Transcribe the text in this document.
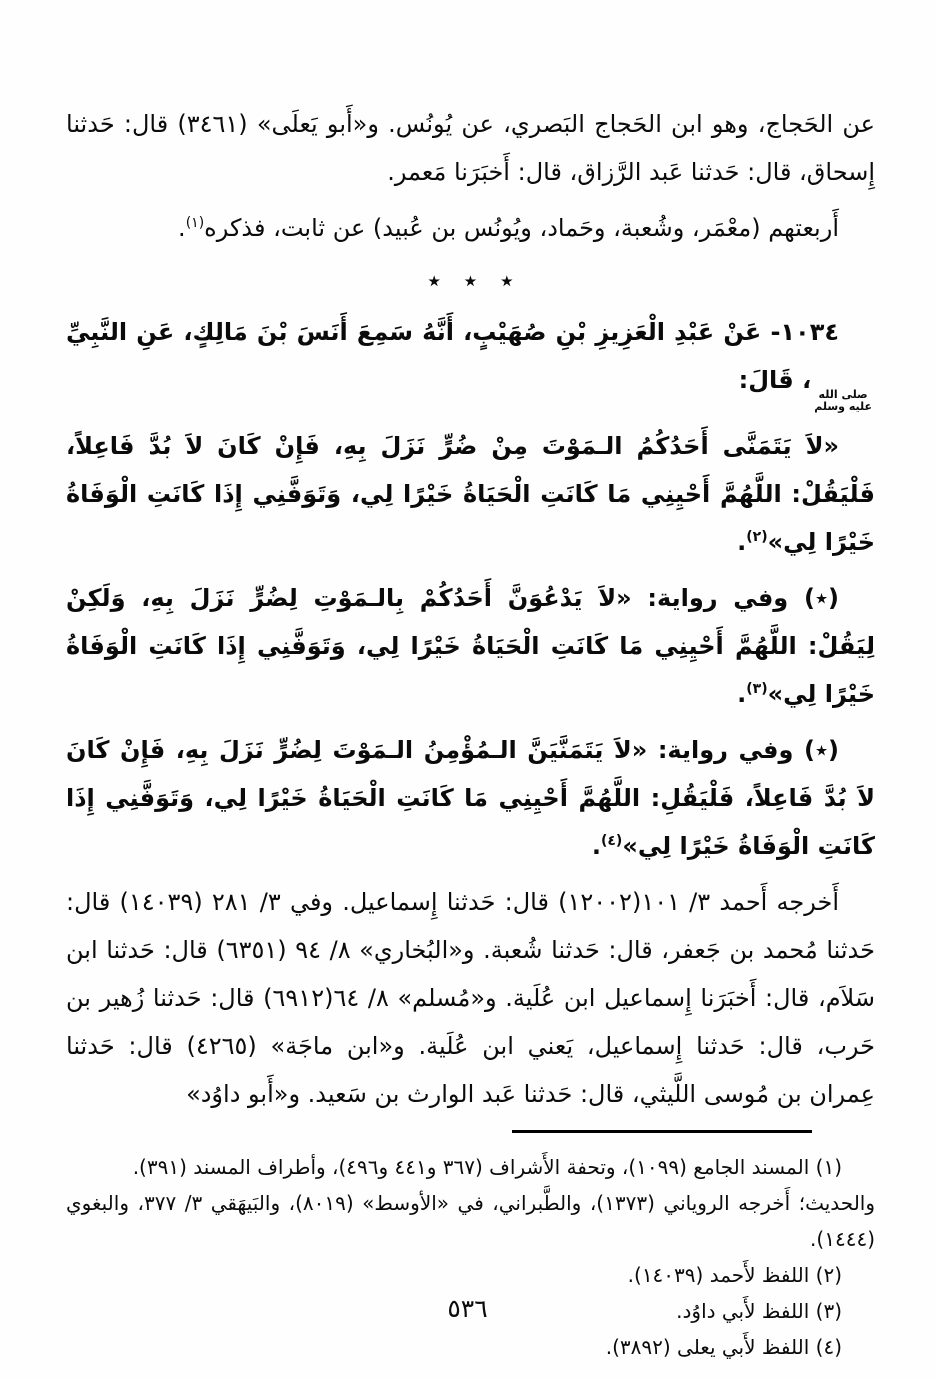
عن الحَجاج، وهو ابن الحَجاج البَصري، عن يُونُس. و«أَبو يَعلَى» (٣٤٦١) قال: حَدثنا إِسحاق، قال: حَدثنا عَبد الرَّزاق، قال: أَخبَرَنا مَعمر.

أَربعتهم (معْمَر، وشُعبة، وحَماد، ويُونُس بن عُبيد) عن ثابت، فذكره$^{(١)}$.

٭ ٭ ٭

١٠٣٤- عَنْ عَبْدِ الْعَزِيزِ بْنِ صُهَيْبٍ، أَنَّهُ سَمِعَ أَنَسَ بْنَ مَالِكٍ، عَنِ النَّبِيِّ
صلى الله
عليه وسلم
، قَالَ:

«لاَ يَتَمَنَّى أَحَدُكُمُ الـمَوْتَ مِنْ ضُرٍّ نَزَلَ بِهِ، فَإِنْ كَانَ لاَ بُدَّ فَاعِلاً، فَلْيَقُلْ: اللَّهُمَّ أَحْيِنِي مَا كَانَتِ الْحَيَاةُ خَيْرًا لِي، وَتَوَفَّنِي إِذَا كَانَتِ الْوَفَاةُ خَيْرًا لِي»$^{(٢)}$.

(٭) وفي رواية: «لاَ يَدْعُوَنَّ أَحَدُكُمْ بِالـمَوْتِ لِضُرٍّ نَزَلَ بِهِ، وَلَكِنْ لِيَقُلْ: اللَّهُمَّ أَحْيِنِي مَا كَانَتِ الْحَيَاةُ خَيْرًا لِي، وَتَوَفَّنِي إِذَا كَانَتِ الْوَفَاةُ خَيْرًا لِي»$^{(٣)}$.

(٭) وفي رواية: «لاَ يَتَمَنَّيَنَّ الـمُؤْمِنُ الـمَوْتَ لِضُرٍّ نَزَلَ بِهِ، فَإِنْ كَانَ لاَ بُدَّ فَاعِلاً، فَلْيَقُلِ: اللَّهُمَّ أَحْيِنِي مَا كَانَتِ الْحَيَاةُ خَيْرًا لِي، وَتَوَفَّنِي إِذَا كَانَتِ الْوَفَاةُ خَيْرًا لِي»$^{(٤)}$.

أَخرجه أَحمد ٣/ ١٠١(١٢٠٠٢) قال: حَدثنا إِسماعيل. وفي ٣/ ٢٨١ (١٤٠٣٩) قال: حَدثنا مُحمد بن جَعفر، قال: حَدثنا شُعبة. و«البُخاري» ٨/ ٩٤ (٦٣٥١) قال: حَدثنا ابن سَلاَم، قال: أَخبَرَنا إِسماعيل ابن عُلَية. و«مُسلم» ٨/ ٦٤(٦٩١٢) قال: حَدثنا زُهير بن حَرب، قال: حَدثنا إِسماعيل، يَعني ابن عُلَية. و«ابن ماجَة» (٤٢٦٥) قال: حَدثنا عِمران بن مُوسى اللَّيثي، قال: حَدثنا عَبد الوارث بن سَعيد. و«أَبو داوُد»

(١) المسند الجامع (١٠٩٩)، وتحفة الأَشراف (٣٦٧ و٤٤١ و٤٩٦)، وأطراف المسند (٣٩١).

والحديث؛ أَخرجه الروياني (١٣٧٣)، والطَّبراني، في «الأوسط» (٨٠١٩)، والبَيهَقي ٣/ ٣٧٧، والبغوي (١٤٤٤).

(٢) اللفظ لأَحمد (١٤٠٣٩).

(٣) اللفظ لأَبي داوُد.

(٤) اللفظ لأَبي يعلى (٣٨٩٢).

٥٣٦
